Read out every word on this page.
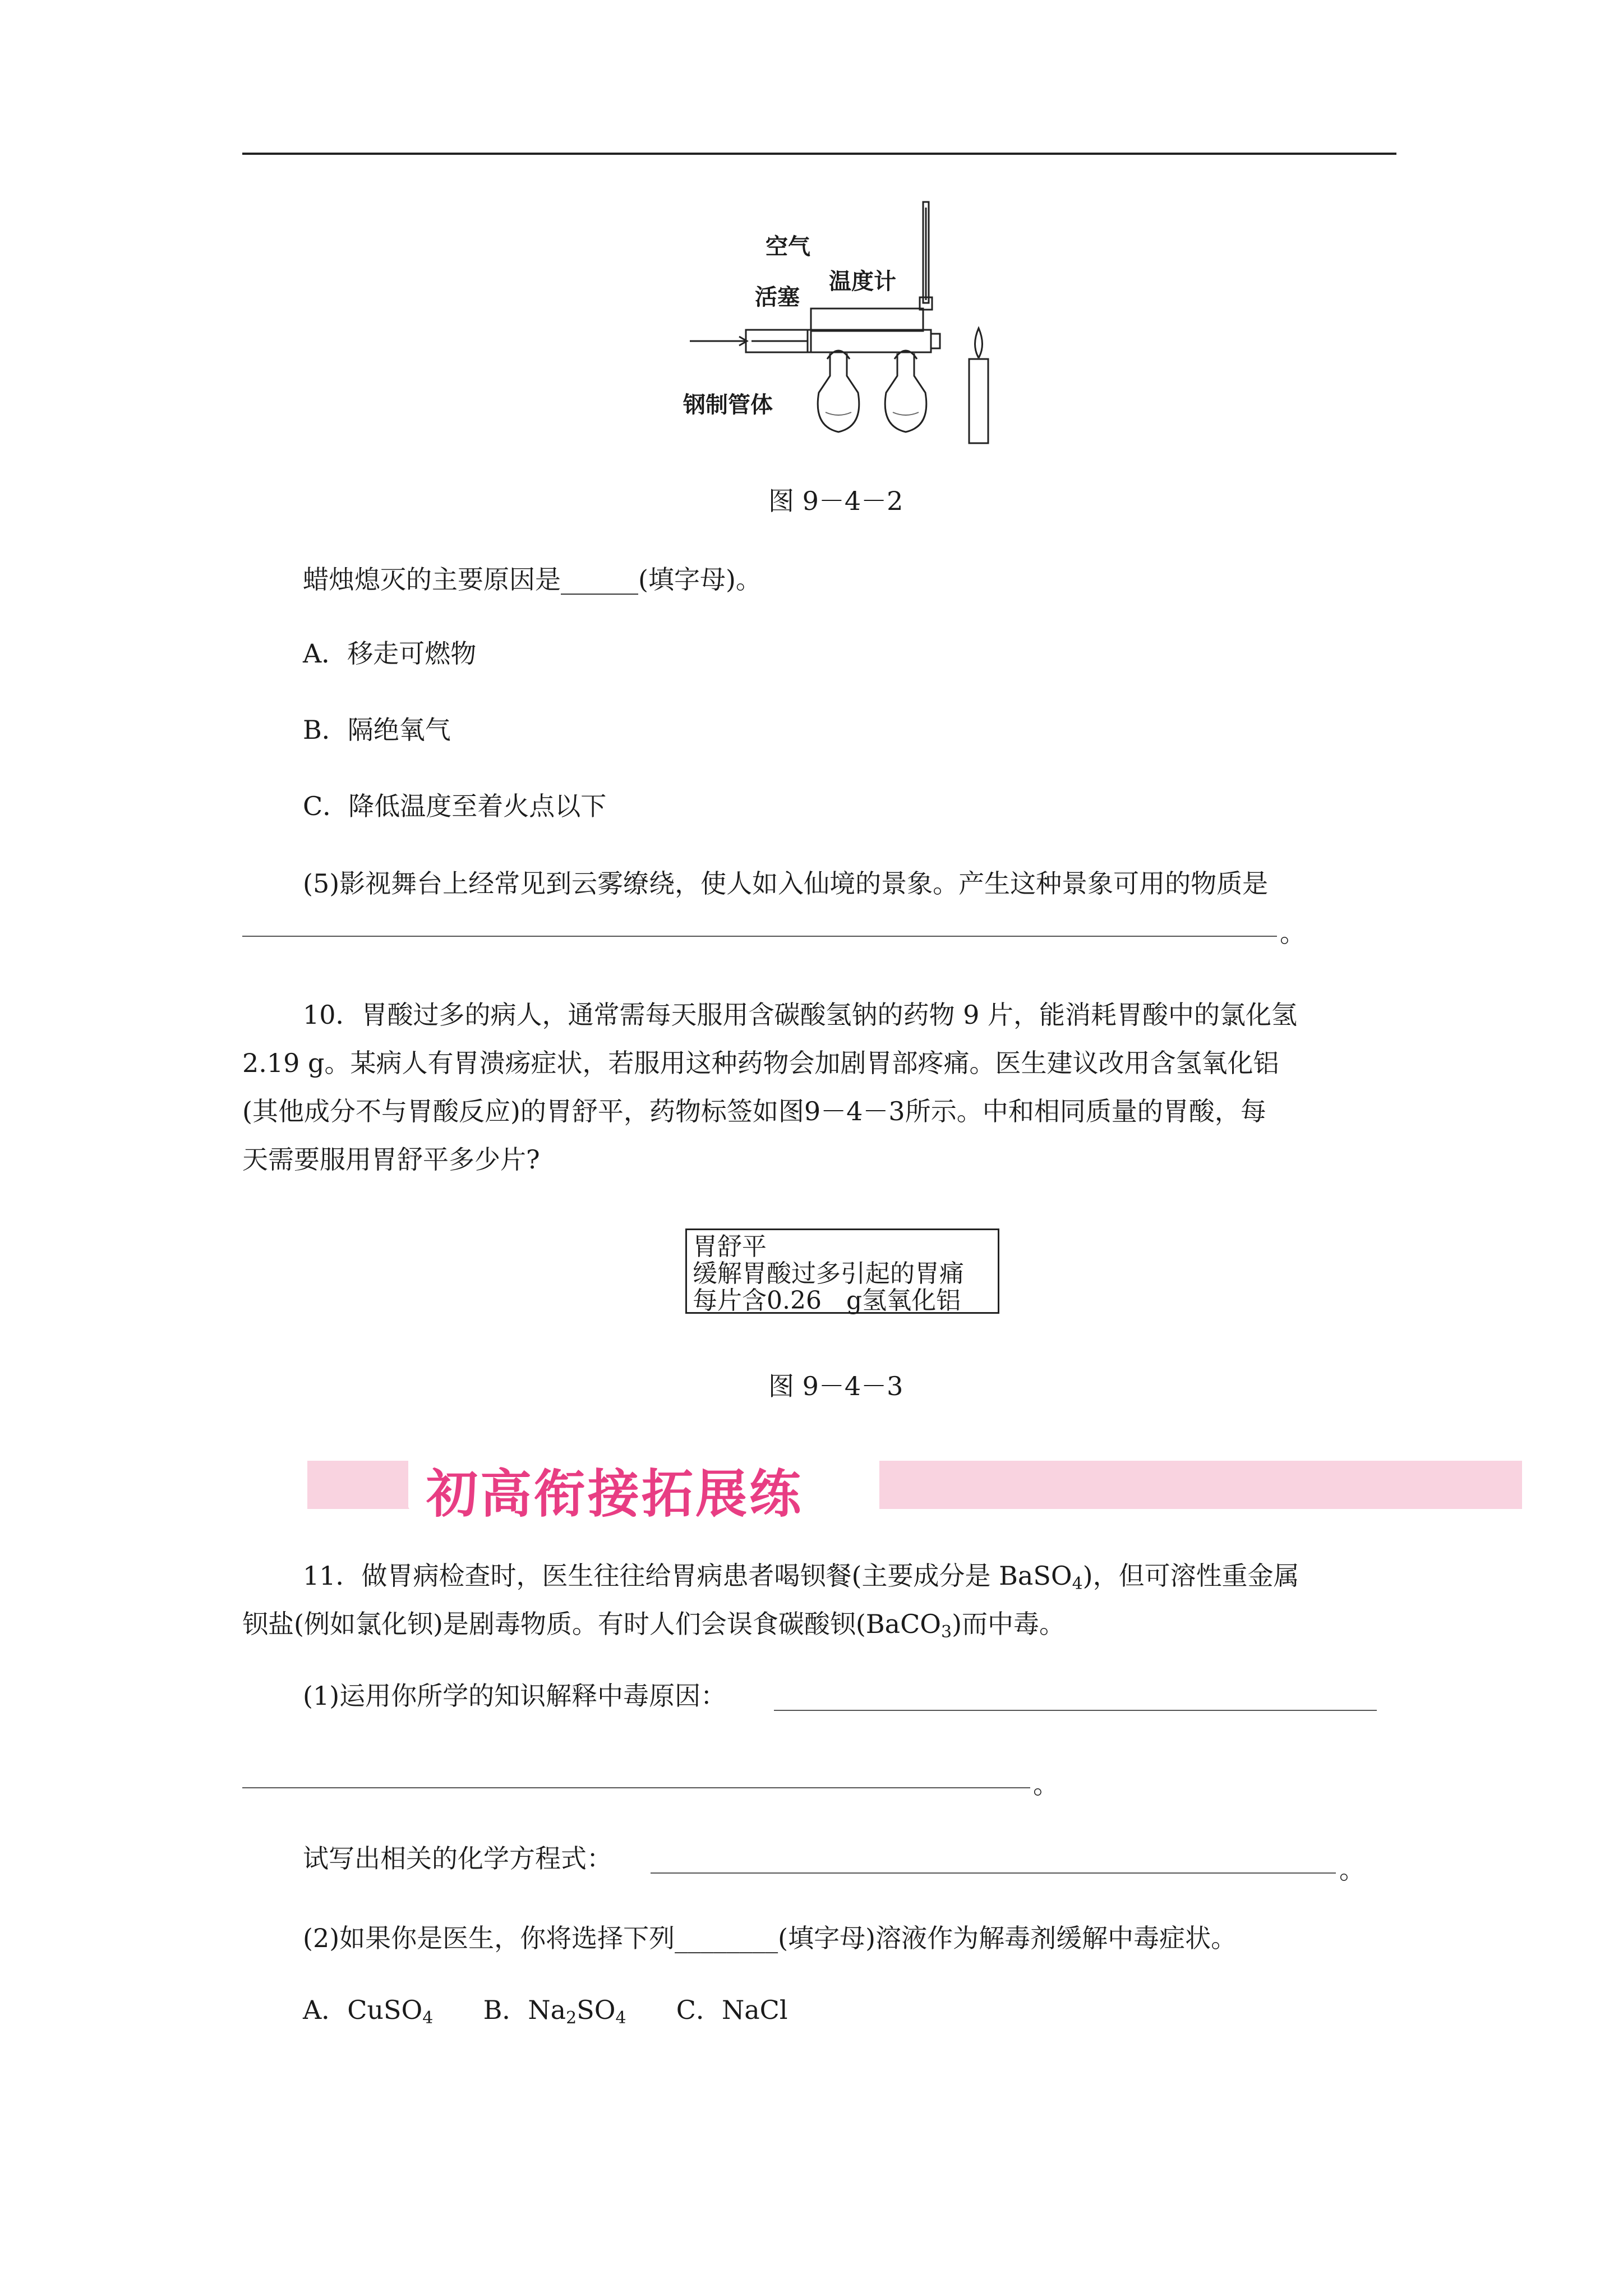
空气
温度计
活塞
钢制管体
图 9－4－2
蜡烛熄灭的主要原因是______(填字母)。
A．移走可燃物
B．隔绝氧气
C．降低温度至着火点以下
(5)影视舞台上经常见到云雾缭绕，使人如入仙境的景象。产生这种景象可用的物质是
。
10．胃酸过多的病人，通常需每天服用含碳酸氢钠的药物 9 片，能消耗胃酸中的氯化氢
2.19 g。某病人有胃溃疡症状，若服用这种药物会加剧胃部疼痛。医生建议改用含氢氧化铝
(其他成分不与胃酸反应)的胃舒平，药物标签如图9－4－3所示。中和相同质量的胃酸，每
天需要服用胃舒平多少片?
胃舒平
缓解胃酸过多引起的胃痛
每片含0.26　g氢氧化铝
图 9－4－3
初高衔接拓展练
11．做胃病检查时，医生往往给胃病患者喝钡餐(主要成分是 BaSO$_4$)，但可溶性重金属
钡盐(例如氯化钡)是剧毒物质。有时人们会误食碳酸钡(BaCO$_3$)而中毒。
(1)运用你所学的知识解释中毒原因：
。
试写出相关的化学方程式：	。
(2)如果你是医生，你将选择下列________(填字母)溶液作为解毒剂缓解中毒症状。
A．CuSO$_4$ B．$Na_2SO_4$ C．NaCl
